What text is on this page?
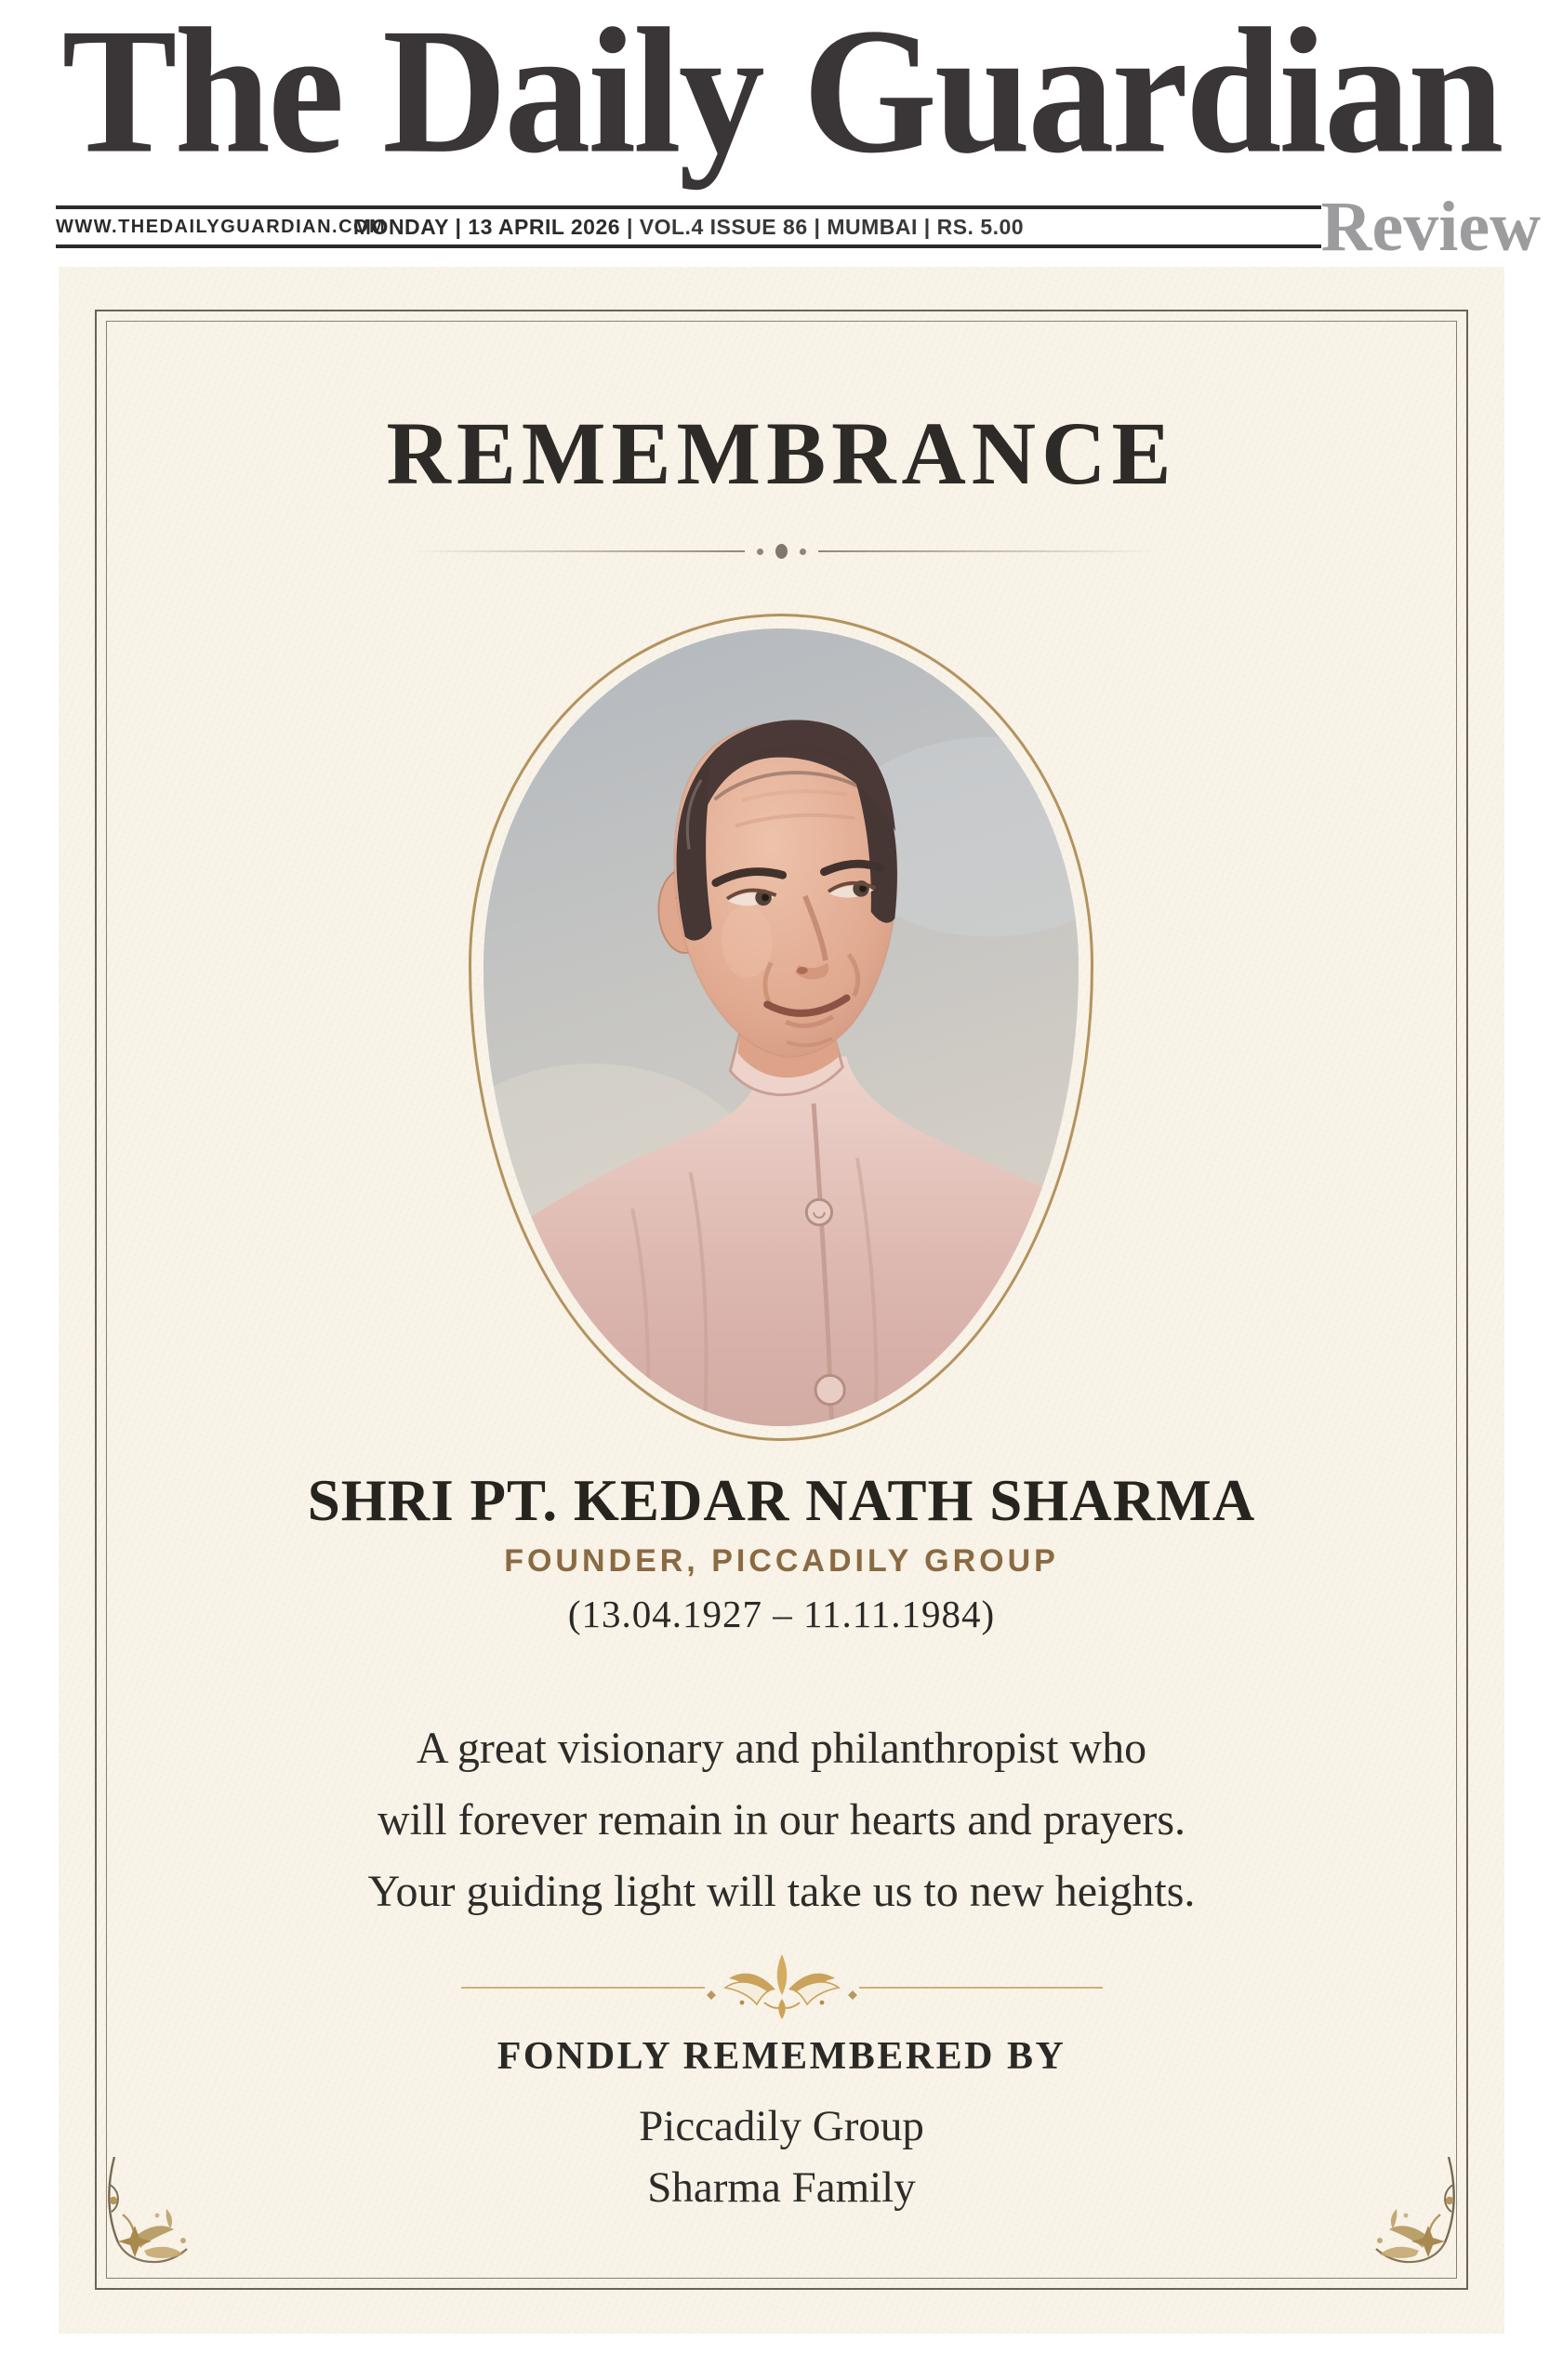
The Daily Guardian
WWW.THEDAILYGUARDIAN.COM
MONDAY | 13 APRIL 2026 | VOL.4 ISSUE 86 | MUMBAI | RS. 5.00	Review
REMEMBRANCE
SHRI PT. KEDAR NATH SHARMA
FOUNDER, PICCADILY GROUP
(13.04.1927 – 11.11.1984)
A great visionary and philanthropist who
will forever remain in our hearts and prayers.
Your guiding light will take us to new heights.
FONDLY REMEMBERED BY
Piccadily Group
Sharma Family
